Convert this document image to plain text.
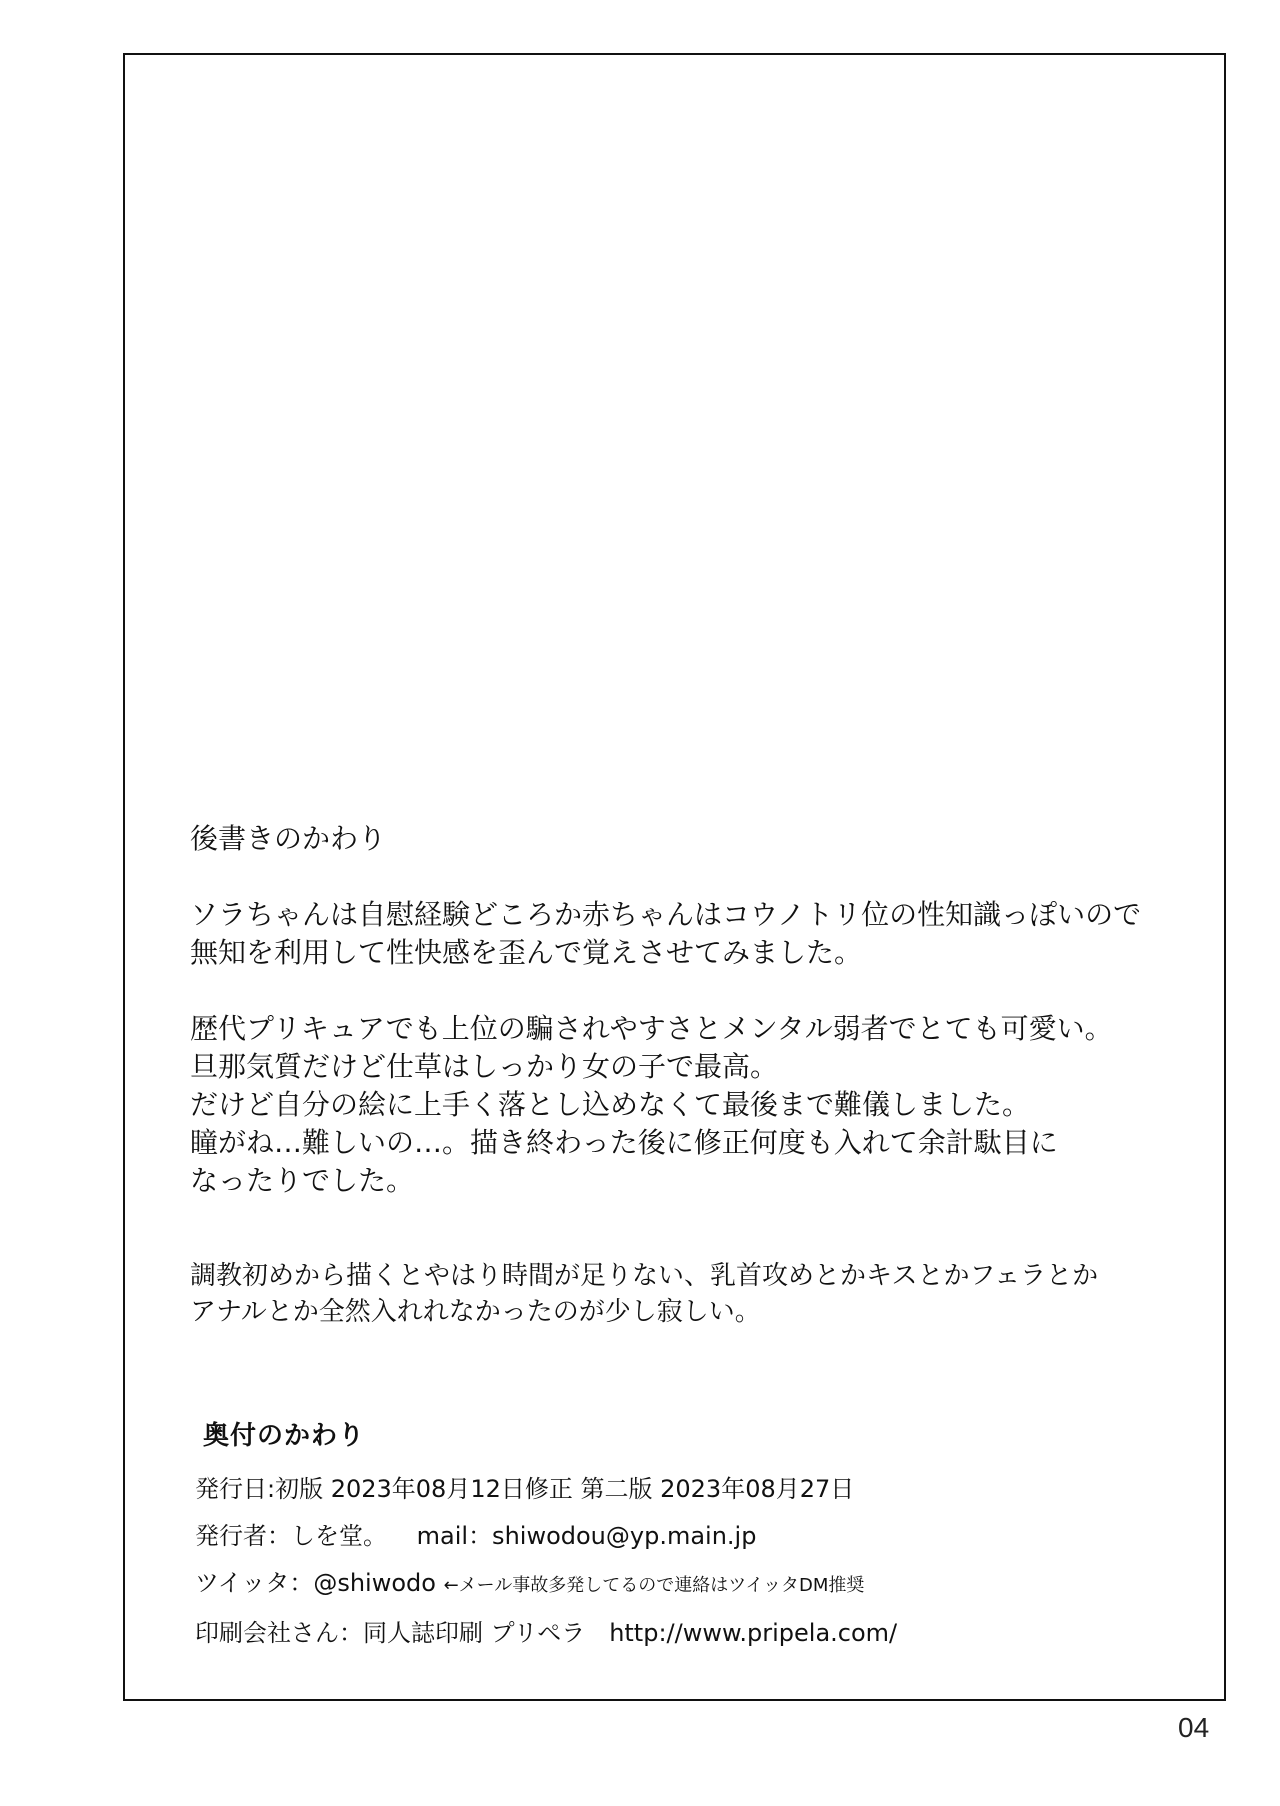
後書きのかわり
ソラちゃんは自慰経験どころか赤ちゃんはコウノトリ位の性知識っぽいので
無知を利用して性快感を歪んで覚えさせてみました。
歴代プリキュアでも上位の騙されやすさとメンタル弱者でとても可愛い。
旦那気質だけど仕草はしっかり女の子で最高。
だけど自分の絵に上手く落とし込めなくて最後まで難儀しました。
瞳がね…難しいの…。描き終わった後に修正何度も入れて余計駄目に
なったりでした。
調教初めから描くとやはり時間が足りない、乳首攻めとかキスとかフェラとか
アナルとか全然入れれなかったのが少し寂しい。
奥付のかわり
発行日:初版 2023年08月12日修正 第二版 2023年08月27日
発行者：しを堂。 mail：shiwodou@yp.main.jp
ツイッタ：@shiwodo ←メール事故多発してるので連絡はツイッタDM推奨
印刷会社さん：同人誌印刷 プリペラ　http://www.pripela.com/
04
